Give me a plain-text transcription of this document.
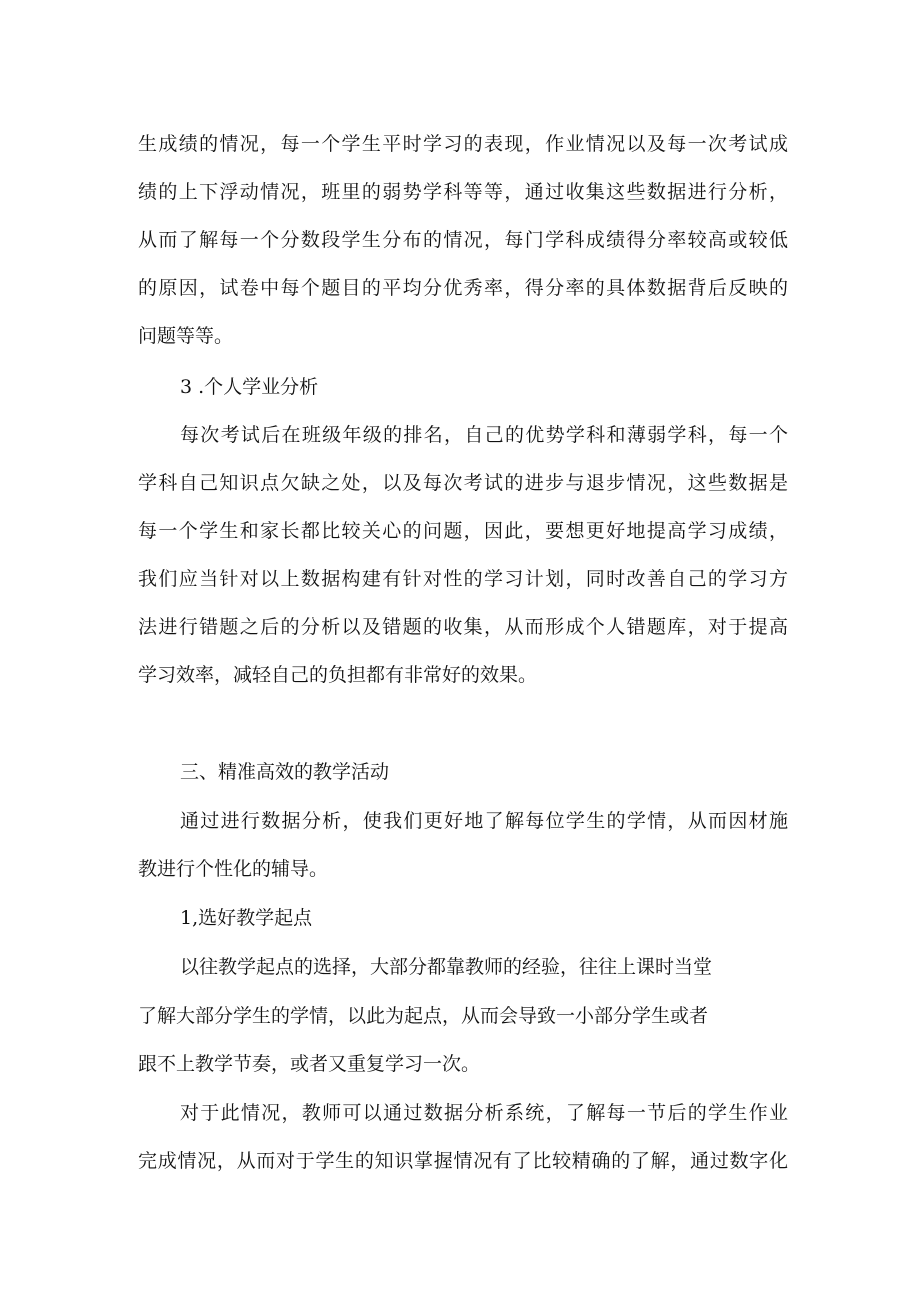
生成绩的情况，每一个学生平时学习的表现，作业情况以及每一次考试成
绩的上下浮动情况，班里的弱势学科等等，通过收集这些数据进行分析，
从而了解每一个分数段学生分布的情况，每门学科成绩得分率较高或较低
的原因，试卷中每个题目的平均分优秀率，得分率的具体数据背后反映的
问题等等。
3 .个人学业分析
每次考试后在班级年级的排名，自己的优势学科和薄弱学科，每一个
学科自己知识点欠缺之处，以及每次考试的进步与退步情况，这些数据是
每一个学生和家长都比较关心的问题，因此，要想更好地提高学习成绩，
我们应当针对以上数据构建有针对性的学习计划，同时改善自己的学习方
法进行错题之后的分析以及错题的收集，从而形成个人错题库，对于提高
学习效率，减轻自己的负担都有非常好的效果。
三、精准高效的教学活动
通过进行数据分析，使我们更好地了解每位学生的学情，从而因材施
教进行个性化的辅导。
1,选好教学起点
以往教学起点的选择，大部分都靠教师的经验，往往上课时当堂
了解大部分学生的学情，以此为起点，从而会导致一小部分学生或者
跟不上教学节奏，或者又重复学习一次。
对于此情况，教师可以通过数据分析系统，了解每一节后的学生作业
完成情况，从而对于学生的知识掌握情况有了比较精确的了解，通过数字化
